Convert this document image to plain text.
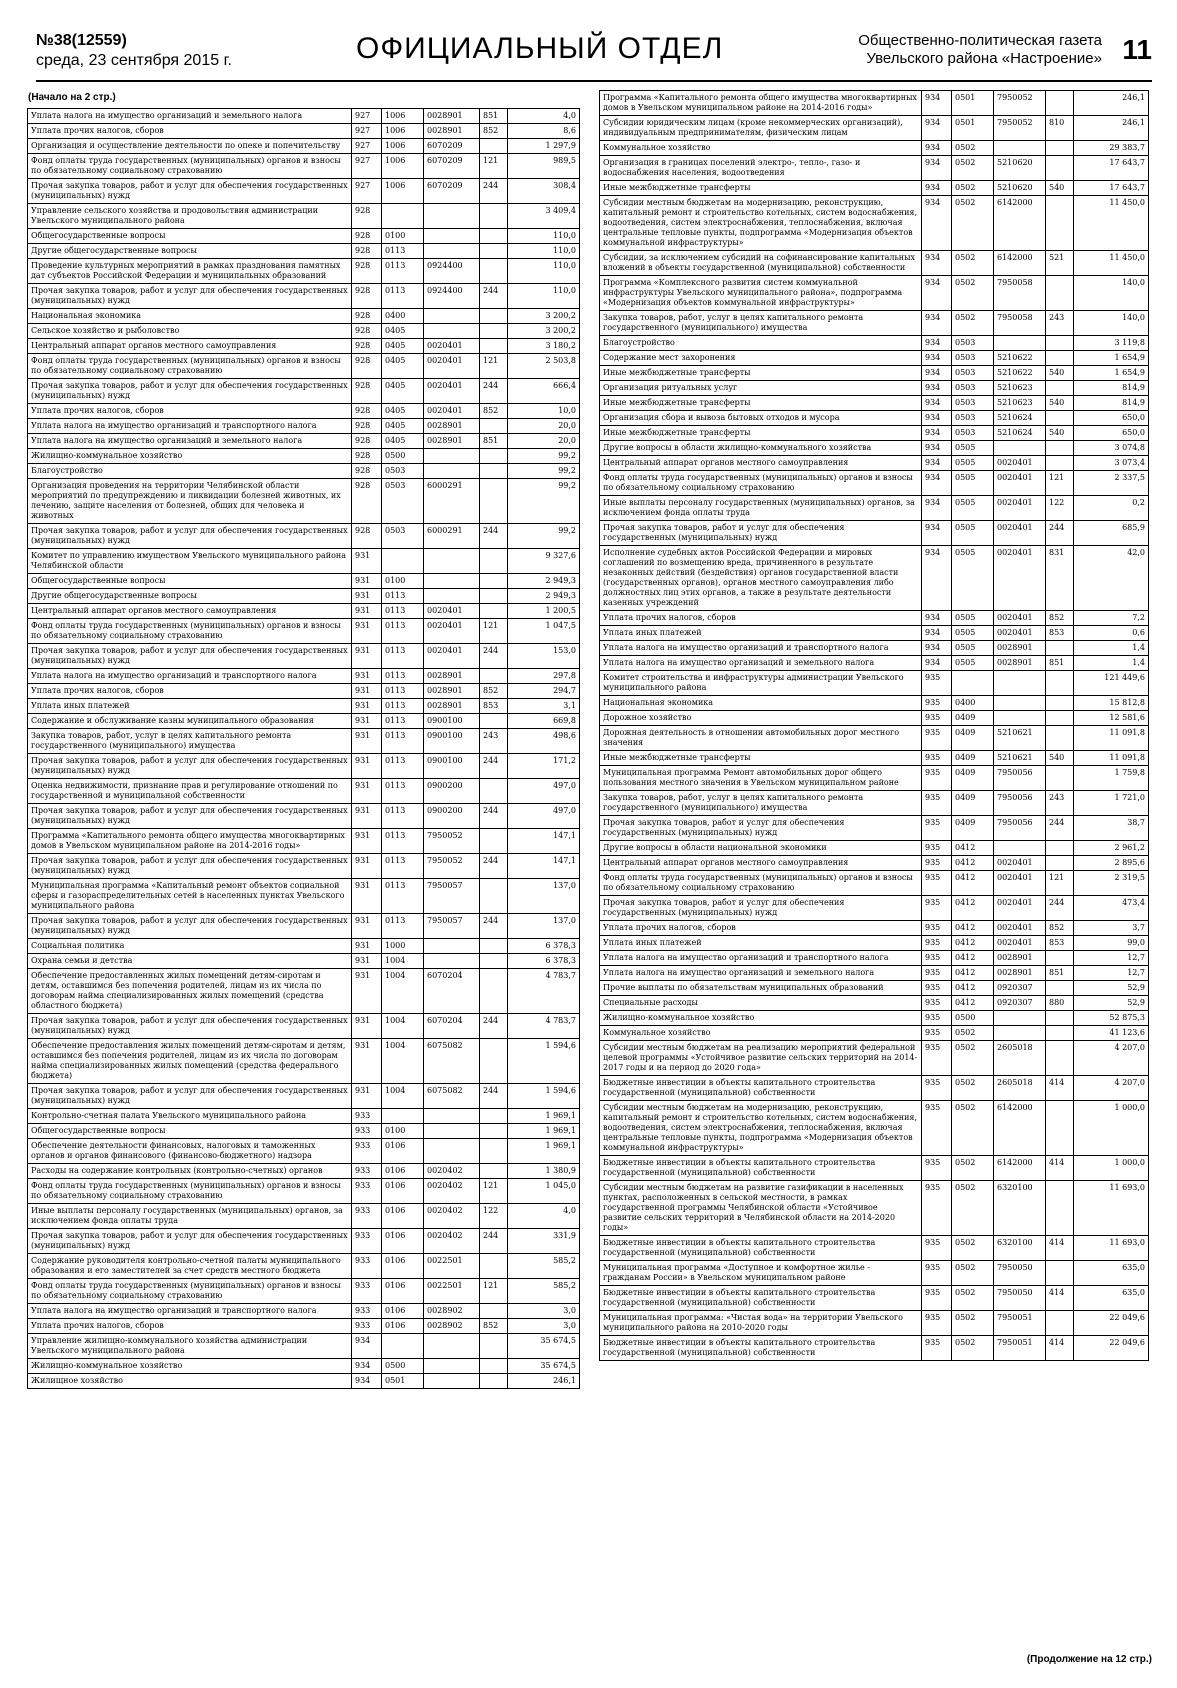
№38(12559)
среда, 23 сентября 2015 г.	ОФИЦИАЛЬНЫЙ ОТДЕЛ	Общественно-политическая газета
Увельского района «Настроение» 11
(Начало на 2 стр.)
Уплата налога на имущество организаций и земельного налога	927	1006	0028901	851	4,0
Уплата прочих налогов, сборов	927	1006	0028901	852	8,6
Организация и осуществление деятельности по опеке и попечительству	927	1006	6070209		1 297,9
Фонд оплаты труда государственных (муниципальных) органов и взносы по обязательному социальному страхованию	927	1006	6070209	121	989,5
Прочая закупка товаров, работ и услуг для обеспечения государственных (муниципальных) нужд	927	1006	6070209	244	308,4
Управление сельского хозяйства и продовольствия администрации Увельского муниципального района	928				3 409,4
Общегосударственные вопросы	928	0100			110,0
Другие общегосударственные вопросы	928	0113			110,0
Проведение культурных мероприятий в рамках празднования памятных дат субъектов Российской Федерации и муниципальных образований	928	0113	0924400		110,0
Прочая закупка товаров, работ и услуг для обеспечения государственных (муниципальных) нужд	928	0113	0924400	244	110,0
Национальная экономика	928	0400			3 200,2
Сельское хозяйство и рыболовство	928	0405			3 200,2
Центральный аппарат органов местного самоуправления	928	0405	0020401		3 180,2
Фонд оплаты труда государственных (муниципальных) органов и взносы по обязательному социальному страхованию	928	0405	0020401	121	2 503,8
Прочая закупка товаров, работ и услуг для обеспечения государственных (муниципальных) нужд	928	0405	0020401	244	666,4
Уплата прочих налогов, сборов	928	0405	0020401	852	10,0
Уплата налога на имущество организаций и транспортного налога	928	0405	0028901		20,0
Уплата налога на имущество организаций и земельного налога	928	0405	0028901	851	20,0
Жилищно-коммунальное хозяйство	928	0500			99,2
Благоустройство	928	0503			99,2
Организация проведения на территории Челябинской области мероприятий по предупреждению и ликвидации болезней животных, их лечению, защите населения от болезней, общих для человека и животных	928	0503	6000291		99,2
Прочая закупка товаров, работ и услуг для обеспечения государственных (муниципальных) нужд	928	0503	6000291	244	99,2
Комитет по управлению имуществом Увельского муниципального района Челябинской области	931				9 327,6
Общегосударственные вопросы	931	0100			2 949,3
Другие общегосударственные вопросы	931	0113			2 949,3
Центральный аппарат органов местного самоуправления	931	0113	0020401		1 200,5
Фонд оплаты труда государственных (муниципальных) органов и взносы по обязательному социальному страхованию	931	0113	0020401	121	1 047,5
Прочая закупка товаров, работ и услуг для обеспечения государственных (муниципальных) нужд	931	0113	0020401	244	153,0
Уплата налога на имущество организаций и транспортного налога	931	0113	0028901		297,8
Уплата прочих налогов, сборов	931	0113	0028901	852	294,7
Уплата иных платежей	931	0113	0028901	853	3,1
Содержание и обслуживание казны муниципального образования	931	0113	0900100		669,8
Закупка товаров, работ, услуг в целях капитального ремонта государственного (муниципального) имущества	931	0113	0900100	243	498,6
Прочая закупка товаров, работ и услуг для обеспечения государственных (муниципальных) нужд	931	0113	0900100	244	171,2
Оценка недвижимости, признание прав и регулирование отношений по государственной и муниципальной собственности	931	0113	0900200		497,0
Прочая закупка товаров, работ и услуг для обеспечения государственных (муниципальных) нужд	931	0113	0900200	244	497,0
Программа «Капитального ремонта общего имущества многоквартирных домов в Увельском муниципальном районе на 2014-2016 годы»	931	0113	7950052		147,1
Прочая закупка товаров, работ и услуг для обеспечения государственных (муниципальных) нужд	931	0113	7950052	244	147,1
Муниципальная программа «Капитальный ремонт объектов социальной сферы и газораспределительных сетей в населенных пунктах Увельского муниципального района	931	0113	7950057		137,0
Прочая закупка товаров, работ и услуг для обеспечения государственных (муниципальных) нужд	931	0113	7950057	244	137,0
Социальная политика	931	1000			6 378,3
Охрана семьи и детства	931	1004			6 378,3
Обеспечение предоставленных жилых помещений детям-сиротам и детям, оставшимся без попечения родителей, лицам из их числа по договорам найма специализированных жилых помещений (средства областного бюджета)	931	1004	6070204		4 783,7
Прочая закупка товаров, работ и услуг для обеспечения государственных (муниципальных) нужд	931	1004	6070204	244	4 783,7
Обеспечение предоставления жилых помещений детям-сиротам и детям, оставшимся без попечения родителей, лицам из их числа по договорам найма специализированных жилых помещений (средства федерального бюджета)	931	1004	6075082		1 594,6
Прочая закупка товаров, работ и услуг для обеспечения государственных (муниципальных) нужд	931	1004	6075082	244	1 594,6
Контрольно-счетная палата Увельского муниципального района	933				1 969,1
Общегосударственные вопросы	933	0100			1 969,1
Обеспечение деятельности финансовых, налоговых и таможенных органов и органов финансового (финансово-бюджетного) надзора	933	0106			1 969,1
Расходы на содержание контрольных (контрольно-счетных) органов	933	0106	0020402		1 380,9
Фонд оплаты труда государственных (муниципальных) органов и взносы по обязательному социальному страхованию	933	0106	0020402	121	1 045,0
Иные выплаты персоналу государственных (муниципальных) органов, за исключением фонда оплаты труда	933	0106	0020402	122	4,0
Прочая закупка товаров, работ и услуг для обеспечения государственных (муниципальных) нужд	933	0106	0020402	244	331,9
Содержание руководителя контрольно-счетной палаты муниципального образования и его заместителей за счет средств местного бюджета	933	0106	0022501		585,2
Фонд оплаты труда государственных (муниципальных) органов и взносы по обязательному социальному страхованию	933	0106	0022501	121	585,2
Уплата налога на имущество организаций и транспортного налога	933	0106	0028902		3,0
Уплата прочих налогов, сборов	933	0106	0028902	852	3,0
Управление жилищно-коммунального хозяйства администрации Увельского муниципального района	934				35 674,5
Жилищно-коммунальное хозяйство	934	0500			35 674,5
Жилищное хозяйство	934	0501			246,1
Программа «Капитального ремонта общего имущества многоквартирных домов в Увельском муниципальном районе на 2014-2016 годы»	934	0501	7950052		246,1
Субсидии юридическим лицам (кроме некоммерческих организаций), индивидуальным предпринимателям, физическим лицам	934	0501	7950052	810	246,1
Коммунальное хозяйство	934	0502			29 383,7
Организация в границах поселений электро-, тепло-, газо- и водоснабжения населения, водоотведения	934	0502	5210620		17 643,7
Иные межбюджетные трансферты	934	0502	5210620	540	17 643,7
Субсидии местным бюджетам на модернизацию, реконструкцию, капитальный ремонт и строительство котельных, систем водоснабжения, водоотведения, систем электроснабжения, теплоснабжения, включая центральные тепловые пункты, подпрограмма «Модернизация объектов коммунальной инфраструктуры»	934	0502	6142000		11 450,0
Субсидии, за исключением субсидий на софинансирование капитальных вложений в объекты государственной (муниципальной) собственности	934	0502	6142000	521	11 450,0
Программа «Комплексного развития систем коммунальной инфраструктуры Увельского муниципального района», подпрограмма «Модернизация объектов коммунальной инфраструктуры»	934	0502	7950058		140,0
Закупка товаров, работ, услуг в целях капитального ремонта государственного (муниципального) имущества	934	0502	7950058	243	140,0
Благоустройство	934	0503			3 119,8
Содержание мест захоронения	934	0503	5210622		1 654,9
Иные межбюджетные трансферты	934	0503	5210622	540	1 654,9
Организация ритуальных услуг	934	0503	5210623		814,9
Иные межбюджетные трансферты	934	0503	5210623	540	814,9
Организация сбора и вывоза бытовых отходов и мусора	934	0503	5210624		650,0
Иные межбюджетные трансферты	934	0503	5210624	540	650,0
Другие вопросы в области жилищно-коммунального хозяйства	934	0505			3 074,8
Центральный аппарат органов местного самоуправления	934	0505	0020401		3 073,4
Фонд оплаты труда государственных (муниципальных) органов и взносы по обязательному социальному страхованию	934	0505	0020401	121	2 337,5
Иные выплаты персоналу государственных (муниципальных) органов, за исключением фонда оплаты труда	934	0505	0020401	122	0,2
Прочая закупка товаров, работ и услуг для обеспечения государственных (муниципальных) нужд	934	0505	0020401	244	685,9
Исполнение судебных актов Российской Федерации и мировых соглашений по возмещению вреда, причиненного в результате незаконных действий (бездействия) органов государственной власти (государственных органов), органов местного самоуправления либо должностных лиц этих органов, а также в результате деятельности казенных учреждений	934	0505	0020401	831	42,0
Уплата прочих налогов, сборов	934	0505	0020401	852	7,2
Уплата иных платежей	934	0505	0020401	853	0,6
Уплата налога на имущество организаций и транспортного налога	934	0505	0028901		1,4
Уплата налога на имущество организаций и земельного налога	934	0505	0028901	851	1,4
Комитет строительства и инфраструктуры администрации Увельского муниципального района	935				121 449,6
Национальная экономика	935	0400			15 812,8
Дорожное хозяйство	935	0409			12 581,6
Дорожная деятельность в отношении автомобильных дорог местного значения	935	0409	5210621		11 091,8
Иные межбюджетные трансферты	935	0409	5210621	540	11 091,8
Муниципальная программа Ремонт автомобильных дорог общего пользования местного значения в Увельском муниципальном районе	935	0409	7950056		1 759,8
Закупка товаров, работ, услуг в целях капитального ремонта государственного (муниципального) имущества	935	0409	7950056	243	1 721,0
Прочая закупка товаров, работ и услуг для обеспечения государственных (муниципальных) нужд	935	0409	7950056	244	38,7
Другие вопросы в области национальной экономики	935	0412			2 961,2
Центральный аппарат органов местного самоуправления	935	0412	0020401		2 895,6
Фонд оплаты труда государственных (муниципальных) органов и взносы по обязательному социальному страхованию	935	0412	0020401	121	2 319,5
Прочая закупка товаров, работ и услуг для обеспечения государственных (муниципальных) нужд	935	0412	0020401	244	473,4
Уплата прочих налогов, сборов	935	0412	0020401	852	3,7
Уплата иных платежей	935	0412	0020401	853	99,0
Уплата налога на имущество организаций и транспортного налога	935	0412	0028901		12,7
Уплата налога на имущество организаций и земельного налога	935	0412	0028901	851	12,7
Прочие выплаты по обязательствам муниципальных образований	935	0412	0920307		52,9
Специальные расходы	935	0412	0920307	880	52,9
Жилищно-коммунальное хозяйство	935	0500			52 875,3
Коммунальное хозяйство	935	0502			41 123,6
Субсидии местным бюджетам на реализацию мероприятий федеральной целевой программы «Устойчивое развитие сельских территорий на 2014-2017 годы и на период до 2020 года»	935	0502	2605018		4 207,0
Бюджетные инвестиции в объекты капитального строительства государственной (муниципальной) собственности	935	0502	2605018	414	4 207,0
Субсидии местным бюджетам на модернизацию, реконструкцию, капитальный ремонт и строительство котельных, систем водоснабжения, водоотведения, систем электроснабжения, теплоснабжения, включая центральные тепловые пункты, подпрограмма «Модернизация объектов коммунальной инфраструктуры»	935	0502	6142000		1 000,0
Бюджетные инвестиции в объекты капитального строительства государственной (муниципальной) собственности	935	0502	6142000	414	1 000,0
Субсидии местным бюджетам на развитие газификации в населенных пунктах, расположенных в сельской местности, в рамках государственной программы Челябинской области «Устойчивое развитие сельских территорий в Челябинской области на 2014-2020 годы»	935	0502	6320100		11 693,0
Бюджетные инвестиции в объекты капитального строительства государственной (муниципальной) собственности	935	0502	6320100	414	11 693,0
Муниципальная программа «Доступное и комфортное жилье - гражданам России» в Увельском муниципальном районе	935	0502	7950050		635,0
Бюджетные инвестиции в объекты капитального строительства государственной (муниципальной) собственности	935	0502	7950050	414	635,0
Муниципальная программа: «Чистая вода» на территории Увельского муниципального района на 2010-2020 годы	935	0502	7950051		22 049,6
Бюджетные инвестиции в объекты капитального строительства государственной (муниципальной) собственности	935	0502	7950051	414	22 049,6
(Продолжение на 12 стр.)
